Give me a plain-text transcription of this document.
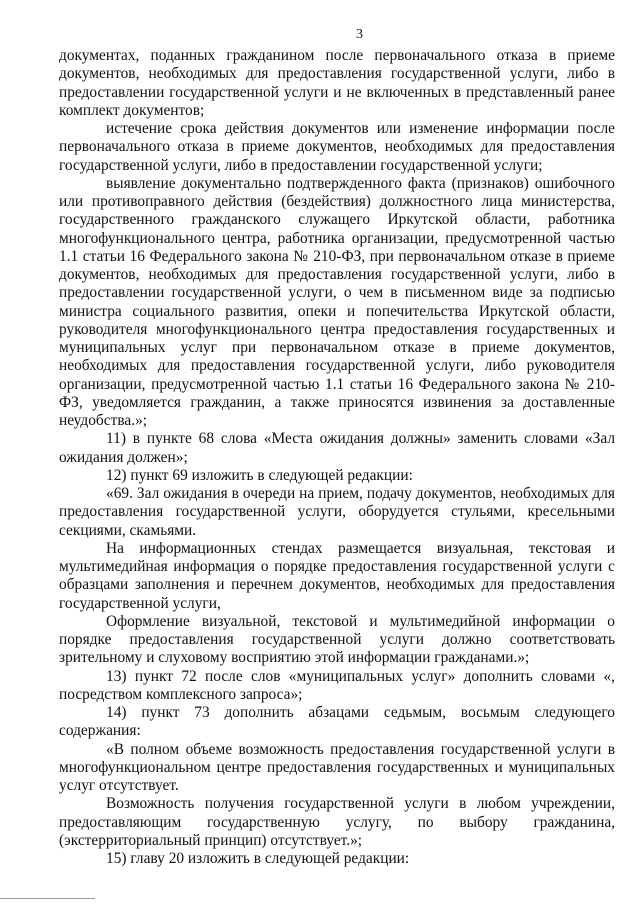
3

документах, поданных гражданином после первоначального отказа в приеме документов, необходимых для предоставления государственной услуги, либо в предоставлении государственной услуги и не включенных в представленный ранее комплект документов;

истечение срока действия документов или изменение информации после первоначального отказа в приеме документов, необходимых для предоставления государственной услуги, либо в предоставлении государственной услуги;

выявление документально подтвержденного факта (признаков) ошибочного или противоправного действия (бездействия) должностного лица министерства, государственного гражданского служащего Иркутской области, работника многофункционального центра, работника организации, предусмотренной частью 1.1 статьи 16 Федерального закона № 210-ФЗ, при первоначальном отказе в приеме документов, необходимых для предоставления государственной услуги, либо в предоставлении государственной услуги, о чем в письменном виде за подписью министра социального развития, опеки и попечительства Иркутской области, руководителя многофункционального центра предоставления государственных и муниципальных услуг при первоначальном отказе в приеме документов, необходимых для предоставления государственной услуги, либо руководителя организации, предусмотренной частью 1.1 статьи 16 Федерального закона № 210-ФЗ, уведомляется гражданин, а также приносятся извинения за доставленные неудобства.»;

11) в пункте 68 слова «Места ожидания должны» заменить словами «Зал ожидания должен»;

12) пункт 69 изложить в следующей редакции:

«69. Зал ожидания в очереди на прием, подачу документов, необходимых для предоставления государственной услуги, оборудуется стульями, кресельными секциями, скамьями.

На информационных стендах размещается визуальная, текстовая и мультимедийная информация о порядке предоставления государственной услуги с образцами заполнения и перечнем документов, необходимых для предоставления государственной услуги,

Оформление визуальной, текстовой и мультимедийной информации о порядке предоставления государственной услуги должно соответствовать зрительному и слуховому восприятию этой информации гражданами.»;

13) пункт 72 после слов «муниципальных услуг» дополнить словами «, посредством комплексного запроса»;

14) пункт 73 дополнить абзацами седьмым, восьмым следующего содержания:

«В полном объеме возможность предоставления государственной услуги в многофункциональном центре предоставления государственных и муниципальных услуг отсутствует.

Возможность получения государственной услуги в любом учреждении, предоставляющим государственную услугу, по выбору гражданина, (экстерриториальный принцип) отсутствует.»;

15) главу 20 изложить в следующей редакции:
